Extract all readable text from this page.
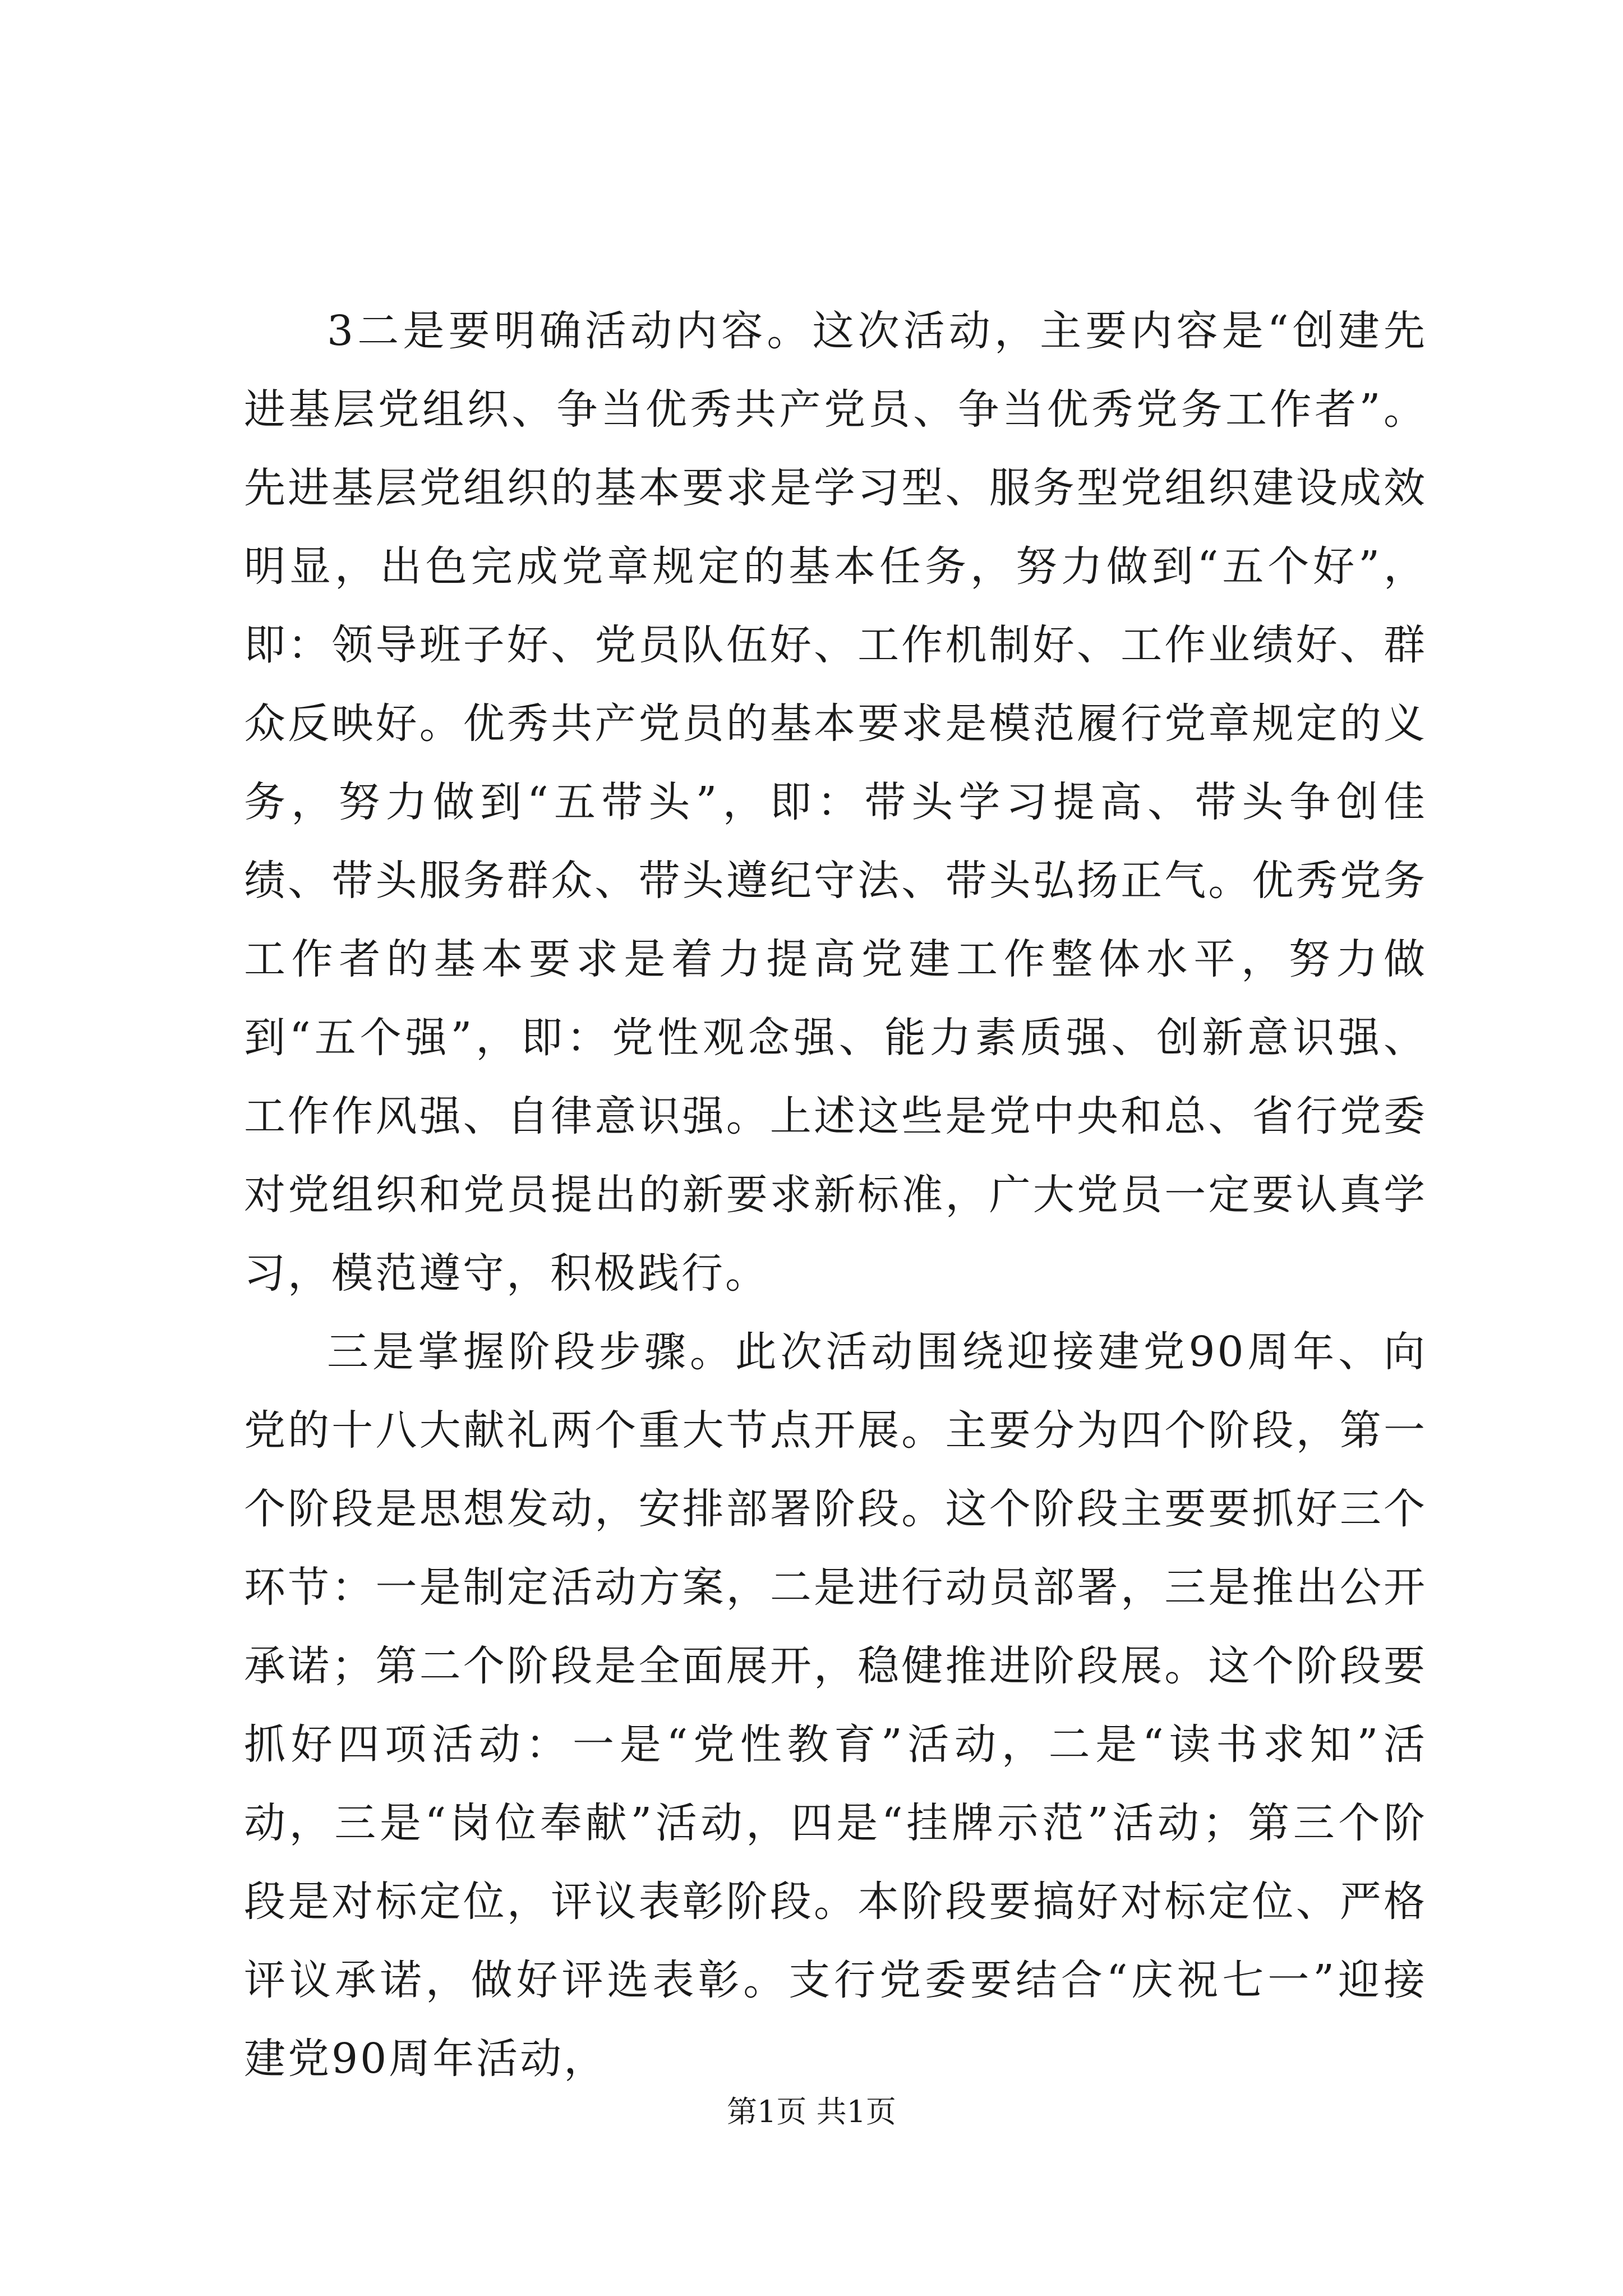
3二是要明确活动内容。这次活动，主要内容是“创建先进基层党组织、争当优秀共产党员、争当优秀党务工作者”。先进基层党组织的基本要求是学习型、服务型党组织建设成效明显，出色完成党章规定的基本任务，努力做到“五个好”，即：领导班子好、党员队伍好、工作机制好、工作业绩好、群众反映好。优秀共产党员的基本要求是模范履行党章规定的义务，努力做到“五带头”，即：带头学习提高、带头争创佳绩、带头服务群众、带头遵纪守法、带头弘扬正气。优秀党务工作者的基本要求是着力提高党建工作整体水平，努力做到“五个强”，即：党性观念强、能力素质强、创新意识强、工作作风强、自律意识强。上述这些是党中央和总、省行党委对党组织和党员提出的新要求新标准，广大党员一定要认真学习，模范遵守，积极践行。

三是掌握阶段步骤。此次活动围绕迎接建党90周年、向党的十八大献礼两个重大节点开展。主要分为四个阶段，第一个阶段是思想发动，安排部署阶段。这个阶段主要要抓好三个环节：一是制定活动方案，二是进行动员部署，三是推出公开承诺；第二个阶段是全面展开，稳健推进阶段展。这个阶段要抓好四项活动：一是“党性教育”活动，二是“读书求知”活动，三是“岗位奉献”活动，四是“挂牌示范”活动；第三个阶段是对标定位，评议表彰阶段。本阶段要搞好对标定位、严格评议承诺，做好评选表彰。支行党委要结合“庆祝七一”迎接建党90周年活动，

第1页 共1页
